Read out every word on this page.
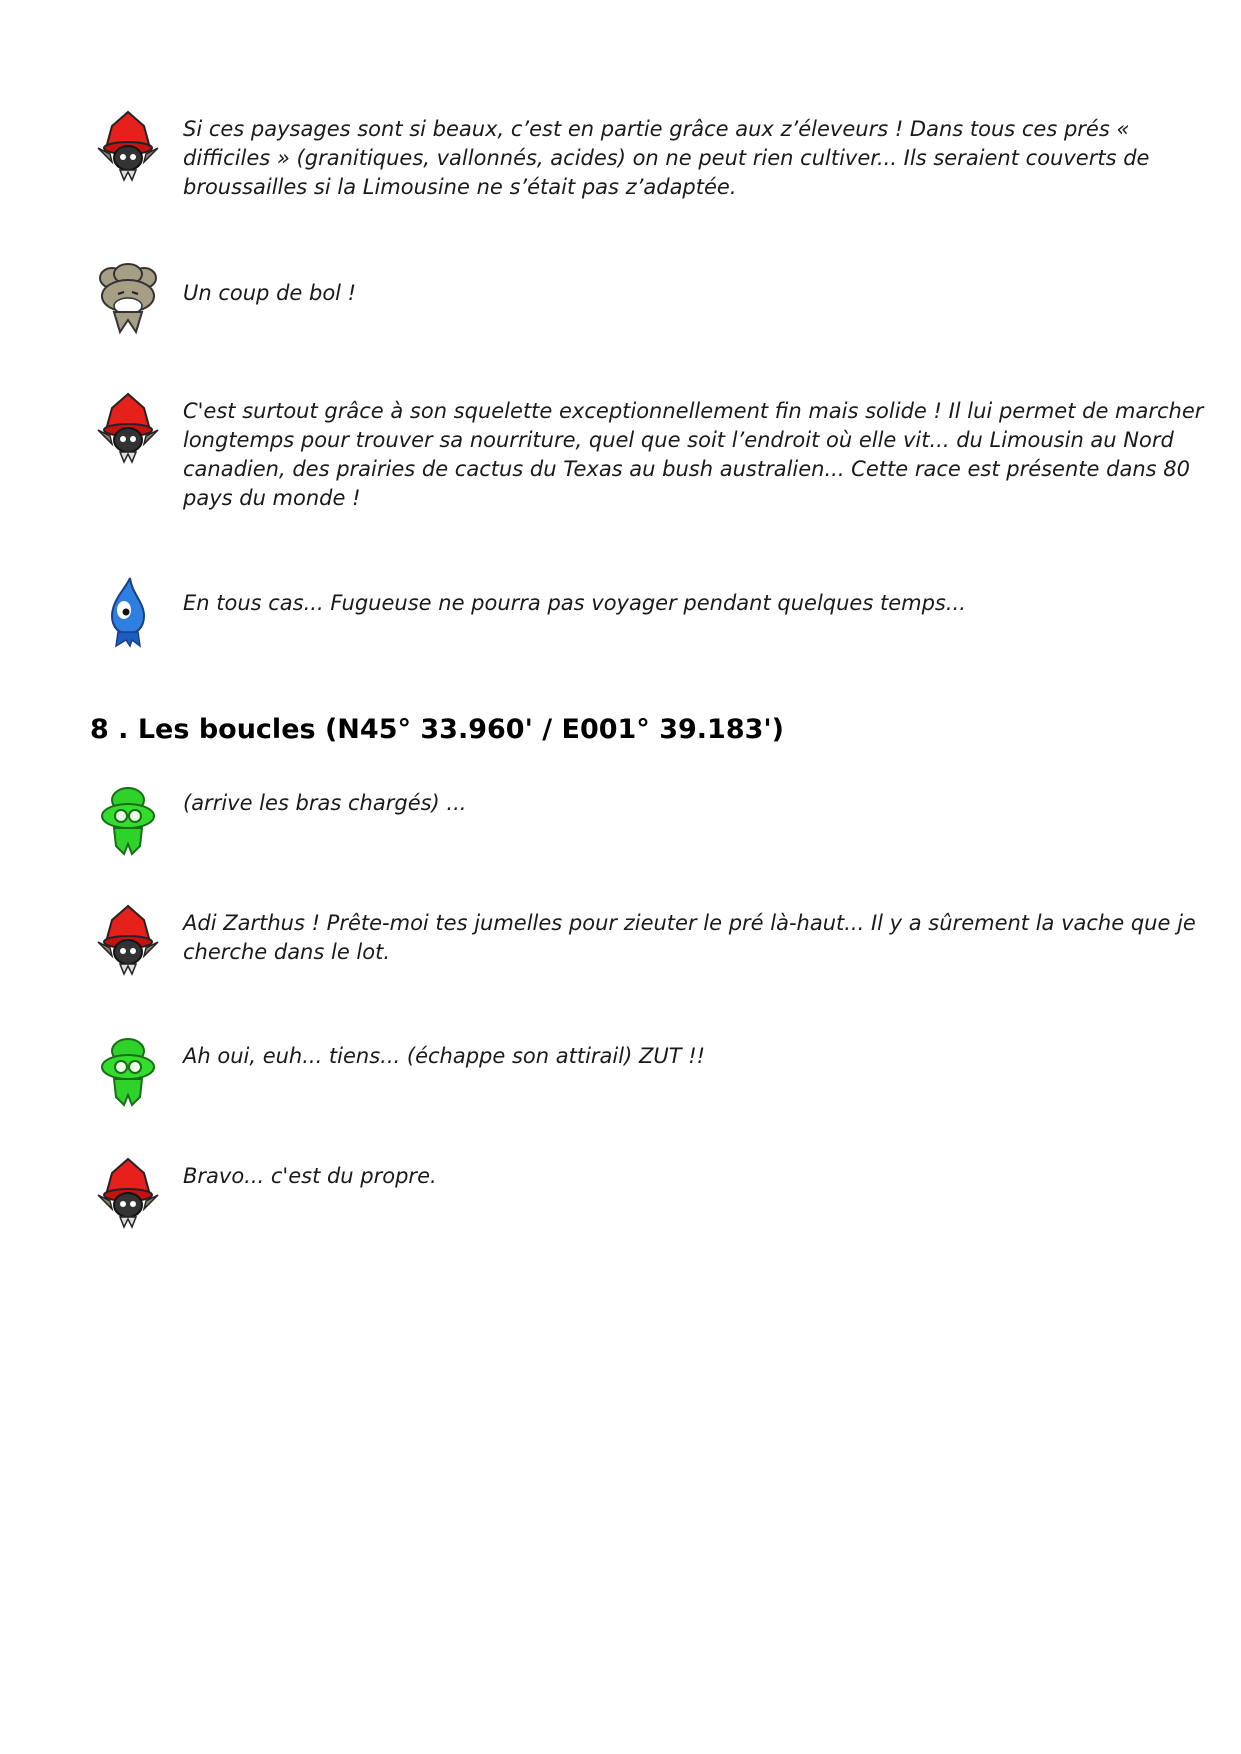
Si ces paysages sont si beaux, c’est en partie grâce aux z’éleveurs ! Dans tous ces prés «
difficiles » (granitiques, vallonnés, acides) on ne peut rien cultiver... Ils seraient couverts de
broussailles si la Limousine ne s’était pas z’adaptée.
Un coup de bol !
C'est surtout grâce à son squelette exceptionnellement fin mais solide ! Il lui permet de marcher
longtemps pour trouver sa nourriture, quel que soit l’endroit où elle vit... du Limousin au Nord
canadien, des prairies de cactus du Texas au bush australien... Cette race est présente dans 80
pays du monde !
En tous cas... Fugueuse ne pourra pas voyager pendant quelques temps...
8 . Les boucles (N45° 33.960' / E001° 39.183')
(arrive les bras chargés) ...
Adi Zarthus ! Prête-moi tes jumelles pour zieuter le pré là-haut... Il y a sûrement la vache que je
cherche dans le lot.
Ah oui, euh... tiens... (échappe son attirail) ZUT !!
Bravo... c'est du propre.
